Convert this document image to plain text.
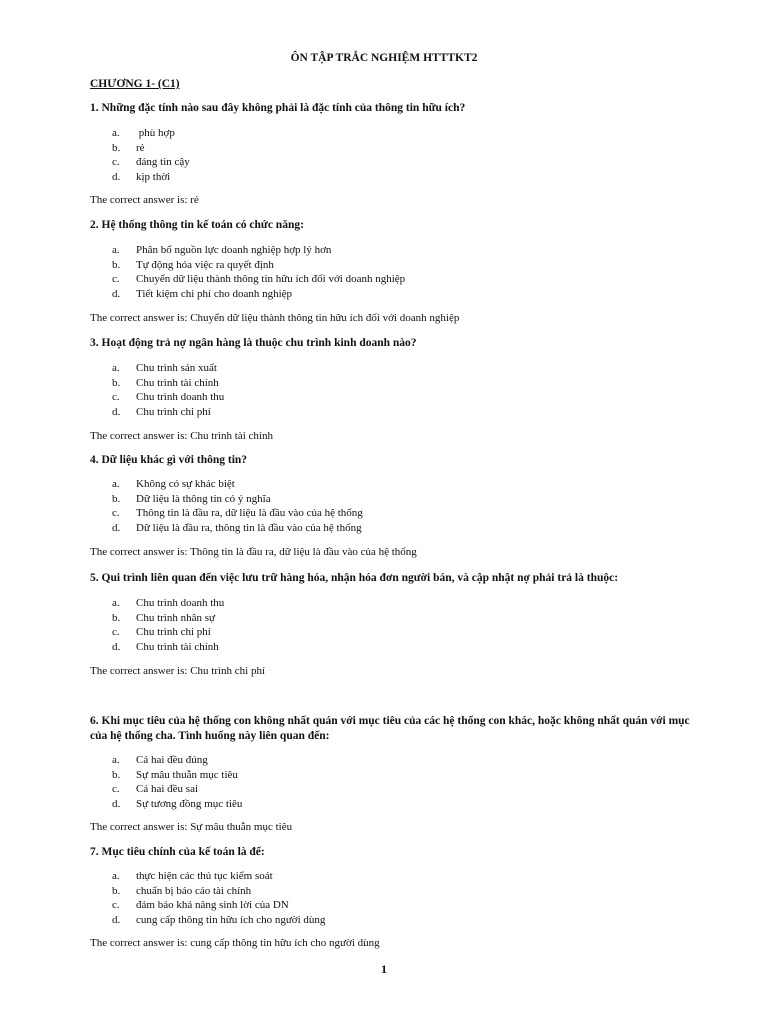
ÔN TẬP TRẮC NGHIỆM HTTTKT2
CHƯƠNG 1- (C1)
1. Những đặc tính nào sau đây không phải là đặc tính của thông tin hữu ích?
a. phù hợp
b. rẻ
c. đáng tin cậy
d. kịp thời
The correct answer is: rẻ
2. Hệ thống thông tin kế toán có chức năng:
a. Phân bổ nguồn lực doanh nghiệp hợp lý hơn
b. Tự động hóa việc ra quyết định
c. Chuyển dữ liệu thành thông tin hữu ích đối với doanh nghiệp
d. Tiết kiệm chi phí cho doanh nghiệp
The correct answer is: Chuyển dữ liệu thành thông tin hữu ích đối với doanh nghiệp
3. Hoạt động trả nợ ngân hàng là thuộc chu trình kinh doanh nào?
a. Chu trình sản xuất
b. Chu trình tài chính
c. Chu trình doanh thu
d. Chu trình chi phí
The correct answer is: Chu trình tài chính
4. Dữ liệu khác gì với thông tin?
a. Không có sự khác biệt
b. Dữ liệu là thông tin có ý nghĩa
c. Thông tin là đầu ra, dữ liệu là đầu vào của hệ thống
d. Dữ liệu là đầu ra, thông tin là đầu vào của hệ thống
The correct answer is: Thông tin là đầu ra, dữ liệu là đầu vào của hệ thống
5. Qui trình liên quan đến việc lưu trữ hàng hóa, nhận hóa đơn người bán, và cập nhật nợ phải trả là thuộc:
a. Chu trình doanh thu
b. Chu trình nhân sự
c. Chu trình chi phí
d. Chu trình tài chính
The correct answer is: Chu trình chi phí
6. Khi mục tiêu của hệ thống con không nhất quán với mục tiêu của các hệ thống con khác, hoặc không nhất quán với mục của hệ thống cha. Tình huống này liên quan đến:
a. Cả hai đều đúng
b. Sự mâu thuẫn mục tiêu
c. Cả hai đều sai
d. Sự tương đồng mục tiêu
The correct answer is: Sự mâu thuẫn mục tiêu
7. Mục tiêu chính của kế toán là để:
a. thực hiện các thủ tục kiểm soát
b. chuẩn bị báo cáo tài chính
c. đảm bảo khả năng sinh lời của DN
d. cung cấp thông tin hữu ích cho người dùng
The correct answer is: cung cấp thông tin hữu ích cho người dùng
1
